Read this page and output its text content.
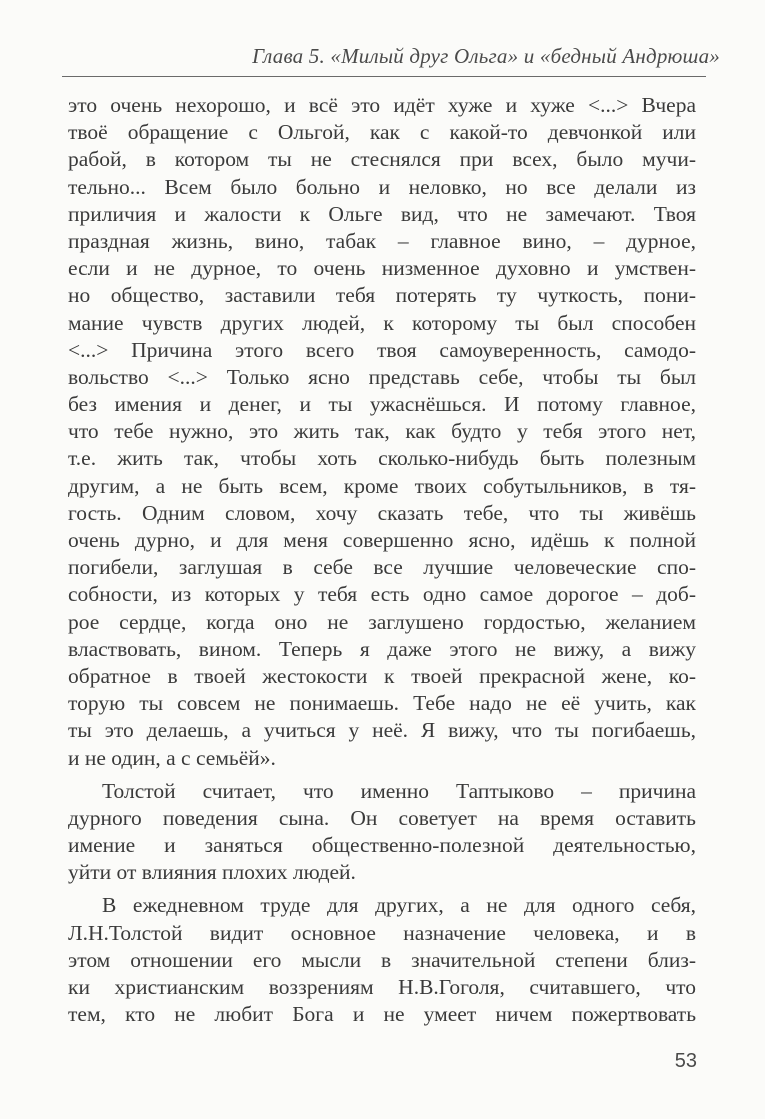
Глава 5. «Милый друг Ольга» и «бедный Андрюша»
это очень нехорошо, и всё это идёт хуже и хуже <...> Вчера
твоё обращение с Ольгой, как с какой-то девчонкой или
рабой, в котором ты не стеснялся при всех, было мучи-
тельно... Всем было больно и неловко, но все делали из
приличия и жалости к Ольге вид, что не замечают. Твоя
праздная жизнь, вино, табак – главное вино, – дурное,
если и не дурное, то очень низменное духовно и умствен-
но общество, заставили тебя потерять ту чуткость, пони-
мание чувств других людей, к которому ты был способен
<...> Причина этого всего твоя самоуверенность, самодо-
вольство <...> Только ясно представь себе, чтобы ты был
без имения и денег, и ты ужаснёшься. И потому главное,
что тебе нужно, это жить так, как будто у тебя этого нет,
т.е. жить так, чтобы хоть сколько-нибудь быть полезным
другим, а не быть всем, кроме твоих собутыльников, в тя-
гость. Одним словом, хочу сказать тебе, что ты живёшь
очень дурно, и для меня совершенно ясно, идёшь к полной
погибели, заглушая в себе все лучшие человеческие спо-
собности, из которых у тебя есть одно самое дорогое – доб-
рое сердце, когда оно не заглушено гордостью, желанием
властвовать, вином. Теперь я даже этого не вижу, а вижу
обратное в твоей жестокости к твоей прекрасной жене, ко-
торую ты совсем не понимаешь. Тебе надо не её учить, как
ты это делаешь, а учиться у неё. Я вижу, что ты погибаешь,
и не один, а с семьёй».
Толстой считает, что именно Таптыково – причина
дурного поведения сына. Он советует на время оставить
имение и заняться общественно-полезной деятельностью,
уйти от влияния плохих людей.
В ежедневном труде для других, а не для одного себя,
Л.Н.Толстой видит основное назначение человека, и в
этом отношении его мысли в значительной степени близ-
ки христианским воззрениям Н.В.Гоголя, считавшего, что
тем, кто не любит Бога и не умеет ничем пожертвовать
53
